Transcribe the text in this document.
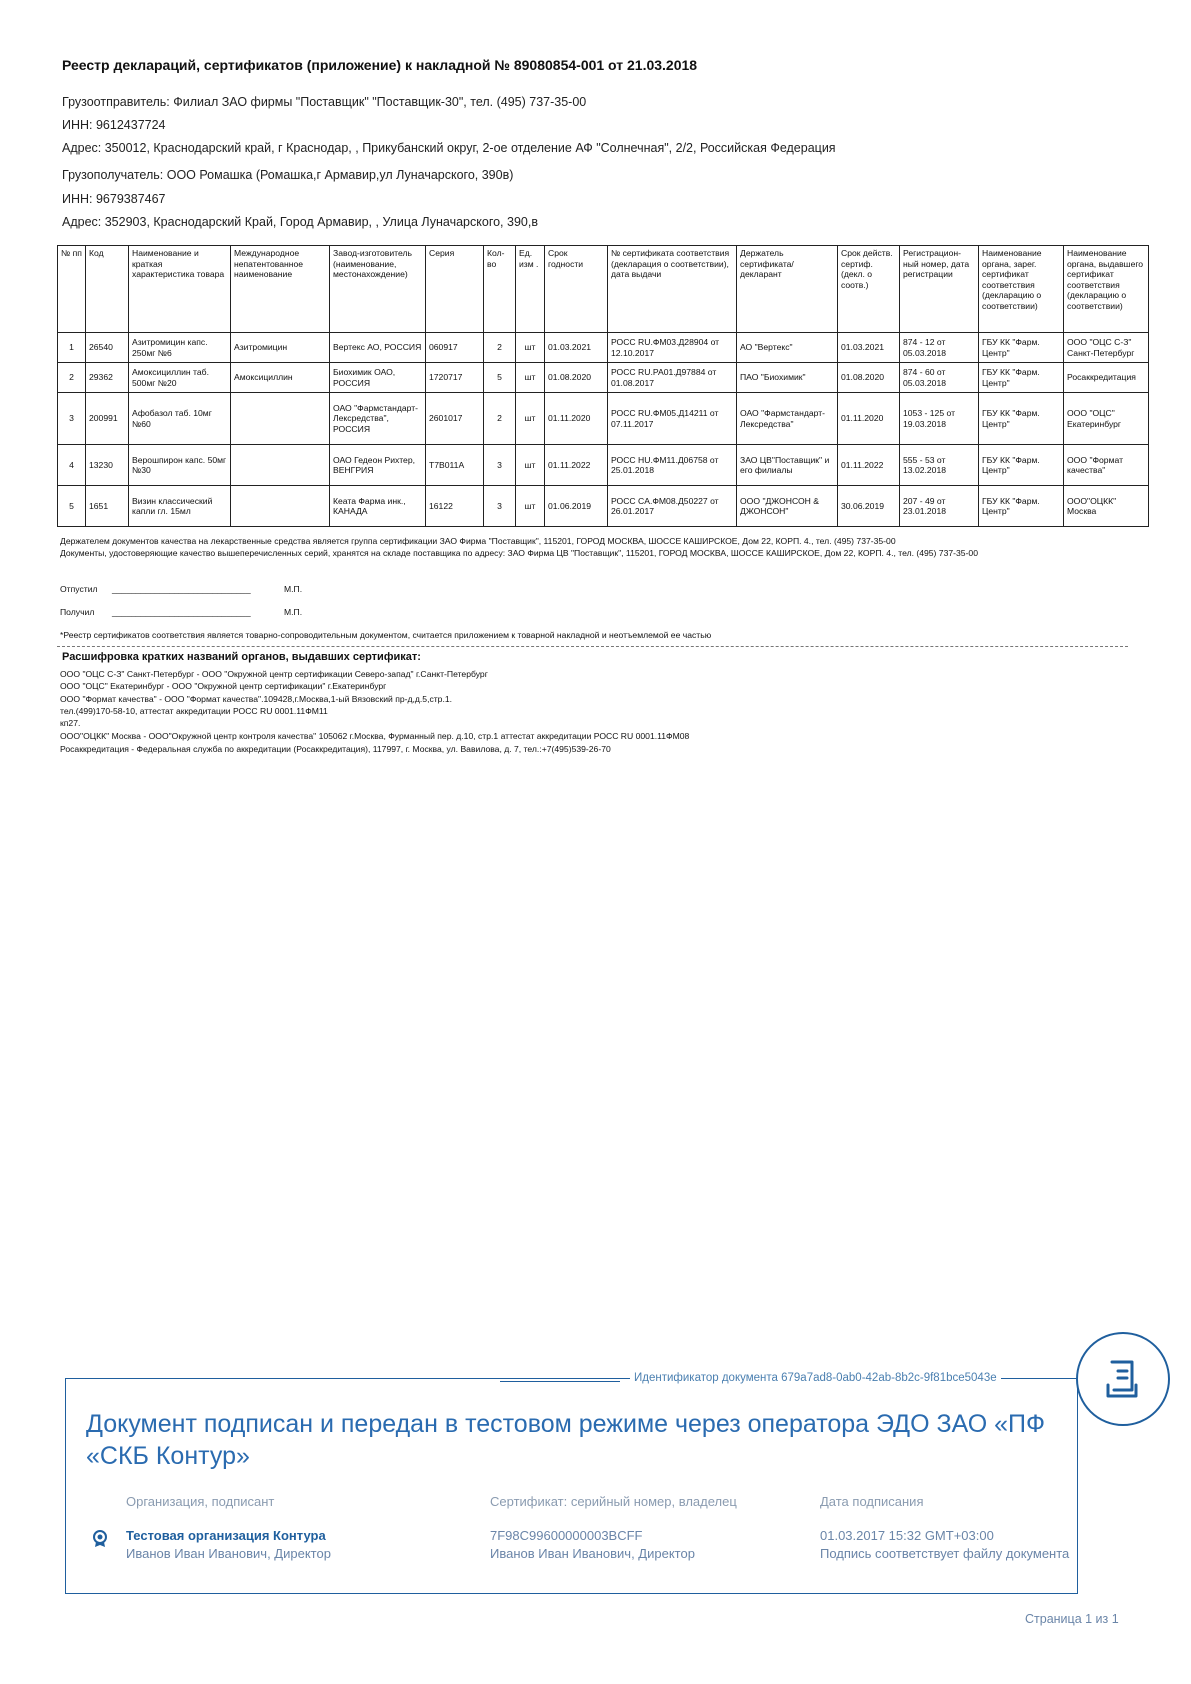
Реестр деклараций, сертификатов (приложение) к накладной № 89080854-001 от 21.03.2018
Грузоотправитель: Филиал ЗАО фирмы "Поставщик" "Поставщик-30", тел. (495) 737-35-00
ИНН: 9612437724
Адрес: 350012, Краснодарский край, г Краснодар, , Прикубанский округ, 2-ое отделение АФ "Солнечная", 2/2, Российская Федерация
Грузополучатель: ООО Ромашка (Ромашка,г Армавир,ул Луначарского, 390в)
ИНН: 9679387467
Адрес: 352903, Краснодарский Край, Город Армавир, , Улица Луначарского, 390,в
№ пп	Код	Наименование и краткая характеристика товара	Международное непатентованное наименование	Завод-изготовитель (наименование, местонахождение)	Серия	Кол-во	Ед. изм .	Срок годности	№ сертификата соответствия (декларация о соответствии), дата выдачи	Держатель сертификата/декларант	Срок действ. сертиф. (декл. о соотв.)	Регистрацион-ный номер, дата регистрации	Наименование органа, зарег. сертификат соответствия (декларацию о соответствии)	Наименование органа, выдавшего сертификат соответствия (декларацию о соответствии)
1	26540	Азитромицин капс. 250мг №6	Азитромицин	Вертекс АО, РОССИЯ	060917	2	шт	01.03.2021	РОСС RU.ФМ03.Д28904 от 12.10.2017	АО "Вертекс"	01.03.2021	874 - 12 от 05.03.2018	ГБУ КК "Фарм. Центр"	ООО "ОЦС С-З" Санкт-Петербург
2	29362	Амоксициллин таб. 500мг №20	Амоксициллин	Биохимик ОАО, РОССИЯ	1720717	5	шт	01.08.2020	РОСС RU.РА01.Д97884 от 01.08.2017	ПАО "Биохимик"	01.08.2020	874 - 60 от 05.03.2018	ГБУ КК "Фарм. Центр"	Росаккредитация
3	200991	Афобазол таб. 10мг №60		ОАО "Фармстандарт-Лексредства", РОССИЯ	2601017	2	шт	01.11.2020	РОСС RU.ФМ05.Д14211 от 07.11.2017	ОАО "Фармстандарт-Лексредства"	01.11.2020	1053 - 125 от 19.03.2018	ГБУ КК "Фарм. Центр"	ООО "ОЦС" Екатеринбург
4	13230	Верошпирон капс. 50мг №30		ОАО Гедеон Рихтер, ВЕНГРИЯ	T7B011A	3	шт	01.11.2022	РОСС HU.ФМ11.Д06758 от 25.01.2018	ЗАО ЦВ"Поставщик" и его филиалы	01.11.2022	555 - 53 от 13.02.2018	ГБУ КК "Фарм. Центр"	ООО "Формат качества"
5	1651	Визин классический капли гл. 15мл		Кеата Фарма инк., КАНАДА	16122	3	шт	01.06.2019	РОСС CA.ФМ08.Д50227 от 26.01.2017	ООО "ДЖОНСОН & ДЖОНСОН"	30.06.2019	207 - 49 от 23.01.2018	ГБУ КК "Фарм. Центр"	ООО"ОЦКК" Москва
Держателем документов качества на лекарственные средства является группа сертификации ЗАО Фирма "Поставщик", 115201, ГОРОД МОСКВА, ШОССЕ КАШИРСКОЕ, Дом 22, КОРП. 4., тел. (495) 737-35-00
Документы, удостоверяющие качество вышеперечисленных серий, хранятся на складе поставщика по адресу: ЗАО Фирма ЦВ "Поставщик", 115201, ГОРОД МОСКВА, ШОССЕ КАШИРСКОЕ, Дом 22, КОРП. 4., тел. (495) 737-35-00
Отпустил _____________________________	М.П.
Получил _____________________________	М.П.
*Реестр сертификатов соответствия является товарно-сопроводительным документом, считается приложением к товарной накладной и неотъемлемой ее частью
Расшифровка кратких названий органов, выдавших сертификат:
ООО "ОЦС С-З" Санкт-Петербург - ООО "Окружной центр сертификации Северо-запад" г.Санкт-Петербург
ООО "ОЦС" Екатеринбург - ООО "Окружной центр сертификации" г.Екатеринбург
ООО "Формат качества" - ООО "Формат качества".109428,г.Москва,1-ый Вязовский пр-д,д.5,стр.1.
тел.(499)170-58-10, аттестат аккредитации РОСС RU 0001.11ФМ11
кп27.
ООО"ОЦКК" Москва - ООО"Окружной центр контроля качества" 105062 г.Москва, Фурманный пер. д.10, стр.1 аттестат аккредитации РОСС RU 0001.11ФМ08
Росаккредитация - Федеральная служба по аккредитации (Росаккредитация), 117997, г. Москва, ул. Вавилова, д. 7, тел.:+7(495)539-26-70
Идентификатор документа 679a7ad8-0ab0-42ab-8b2c-9f81bce5043e
Документ подписан и передан в тестовом режиме через оператора ЭДО ЗАО «ПФ «СКБ Контур»
Организация, подписант	Сертификат: серийный номер, владелец	Дата подписания
Тестовая организация Контура
Иванов Иван Иванович, Директор
7F98C99600000003BCFF
Иванов Иван Иванович, Директор
01.03.2017 15:32 GMT+03:00
Подпись соответствует файлу документа
Страница 1 из 1
